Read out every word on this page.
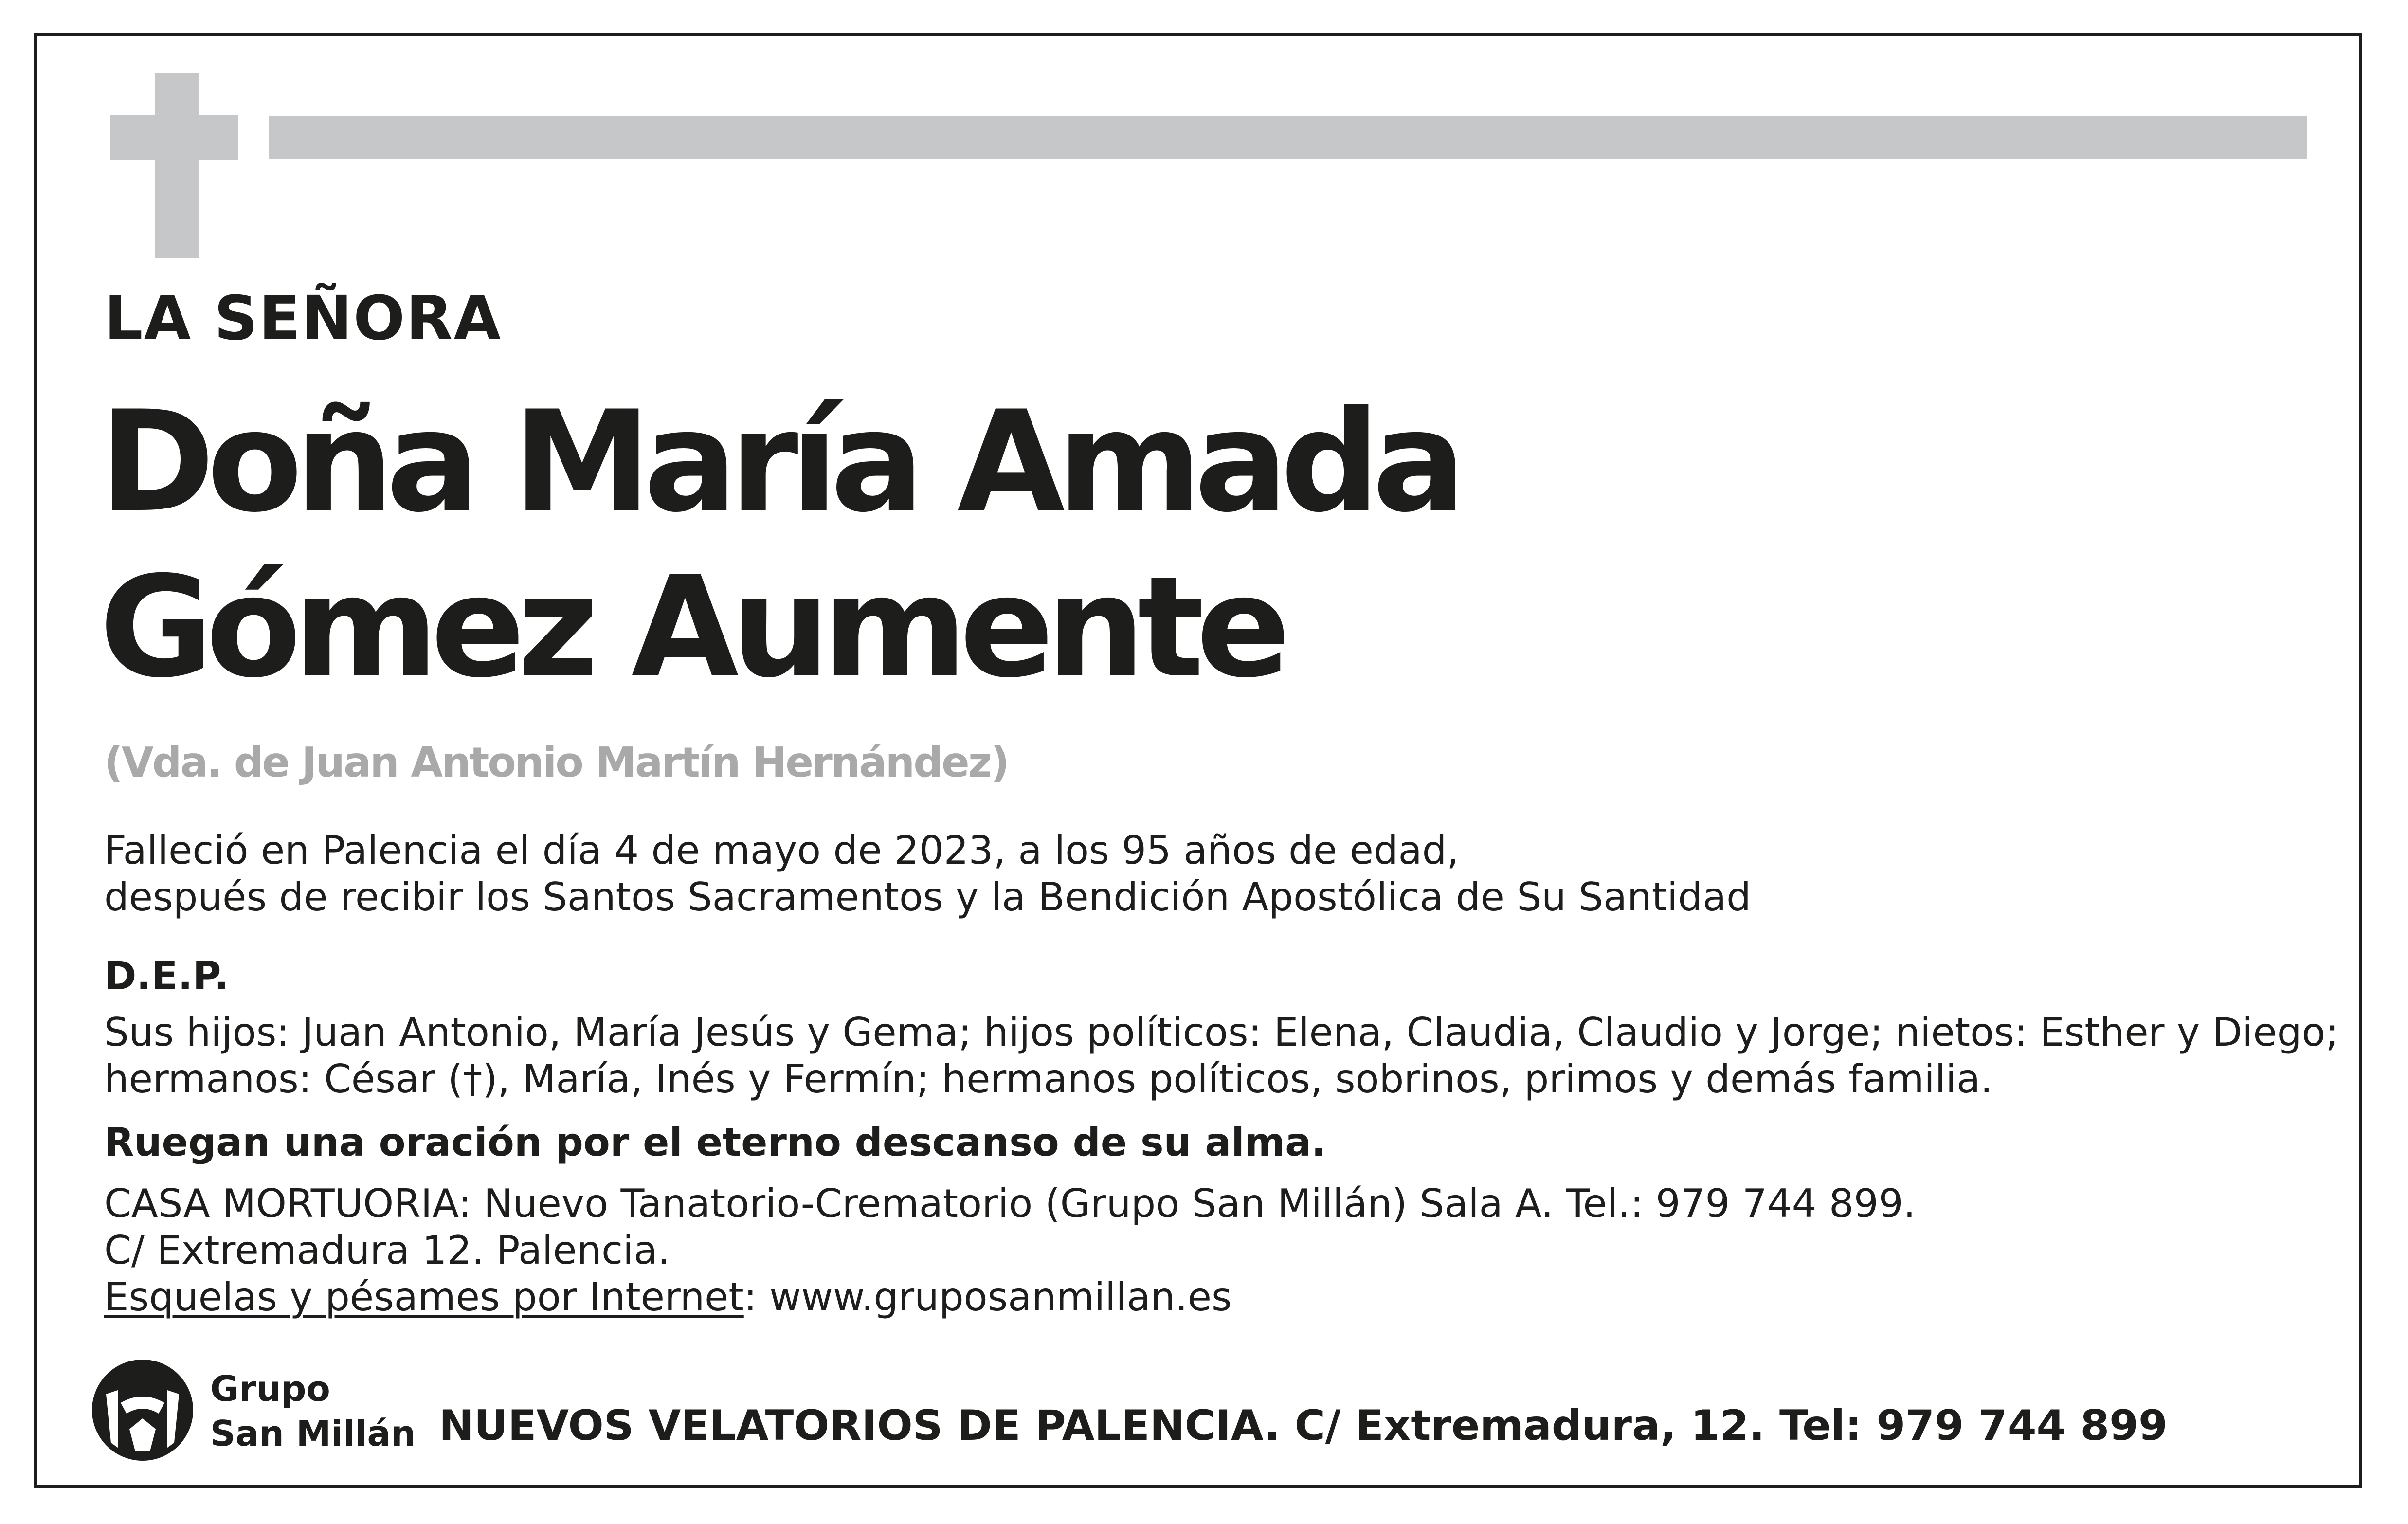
LA SEÑORA
Doña María Amada
Gómez Aumente
(Vda. de Juan Antonio Martín Hernández)
Falleció en Palencia el día 4 de mayo de 2023, a los 95 años de edad,
después de recibir los Santos Sacramentos y la Bendición Apostólica de Su Santidad
D.E.P.
Sus hijos: Juan Antonio, María Jesús y Gema; hijos políticos: Elena, Claudia, Claudio y Jorge; nietos: Esther y Diego;
hermanos: César (†), María, Inés y Fermín; hermanos políticos, sobrinos, primos y demás familia.
Ruegan una oración por el eterno descanso de su alma.
CASA MORTUORIA: Nuevo Tanatorio-Crematorio (Grupo San Millán) Sala A. Tel.: 979 744 899.
C/ Extremadura 12. Palencia.
Esquelas y pésames por Internet: www.gruposanmillan.es
Grupo
San Millán NUEVOS VELATORIOS DE PALENCIA. C/ Extremadura, 12. Tel: 979 744 899
